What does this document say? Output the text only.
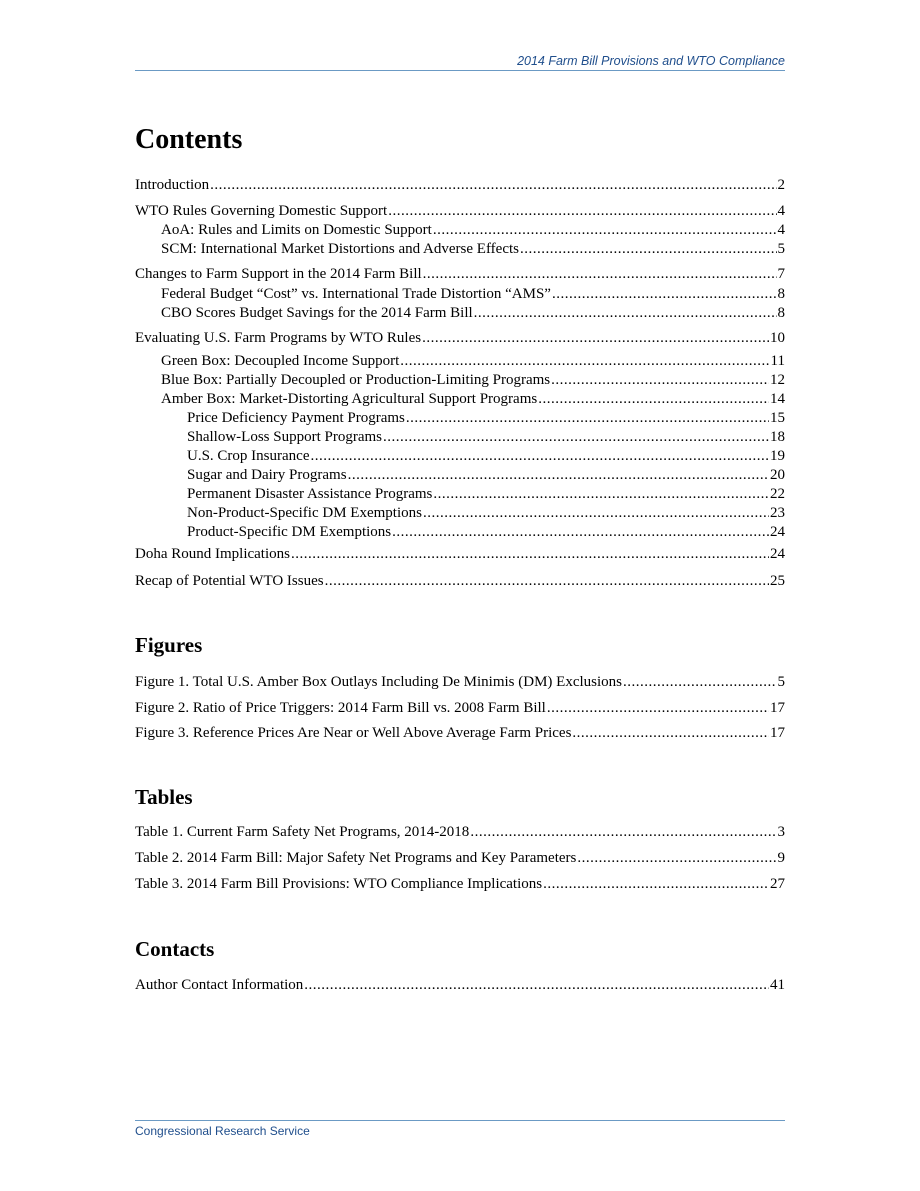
2014 Farm Bill Provisions and WTO Compliance
Contents
Introduction .....	2
WTO Rules Governing Domestic Support .....	4
AoA: Rules and Limits on Domestic Support .....	4
SCM: International Market Distortions and Adverse Effects .....	5
Changes to Farm Support in the 2014 Farm Bill .....	7
Federal Budget “Cost” vs. International Trade Distortion “AMS” .....	8
CBO Scores Budget Savings for the 2014 Farm Bill .....	8
Evaluating U.S. Farm Programs by WTO Rules .....	10
Green Box: Decoupled Income Support .....	11
Blue Box: Partially Decoupled or Production-Limiting Programs .....	12
Amber Box: Market-Distorting Agricultural Support Programs .....	14
Price Deficiency Payment Programs .....	15
Shallow-Loss Support Programs .....	18
U.S. Crop Insurance .....	19
Sugar and Dairy Programs .....	20
Permanent Disaster Assistance Programs .....	22
Non-Product-Specific DM Exemptions .....	23
Product-Specific DM Exemptions .....	24
Doha Round Implications .....	24
Recap of Potential WTO Issues .....	25
Figures
Figure 1. Total U.S. Amber Box Outlays Including De Minimis (DM) Exclusions .....	5
Figure 2. Ratio of Price Triggers: 2014 Farm Bill vs. 2008 Farm Bill .....	17
Figure 3. Reference Prices Are Near or Well Above Average Farm Prices .....	17
Tables
Table 1. Current Farm Safety Net Programs, 2014-2018 .....	3
Table 2. 2014 Farm Bill: Major Safety Net Programs and Key Parameters .....	9
Table 3. 2014 Farm Bill Provisions: WTO Compliance Implications .....	27
Contacts
Author Contact Information .....	41
Congressional Research Service
